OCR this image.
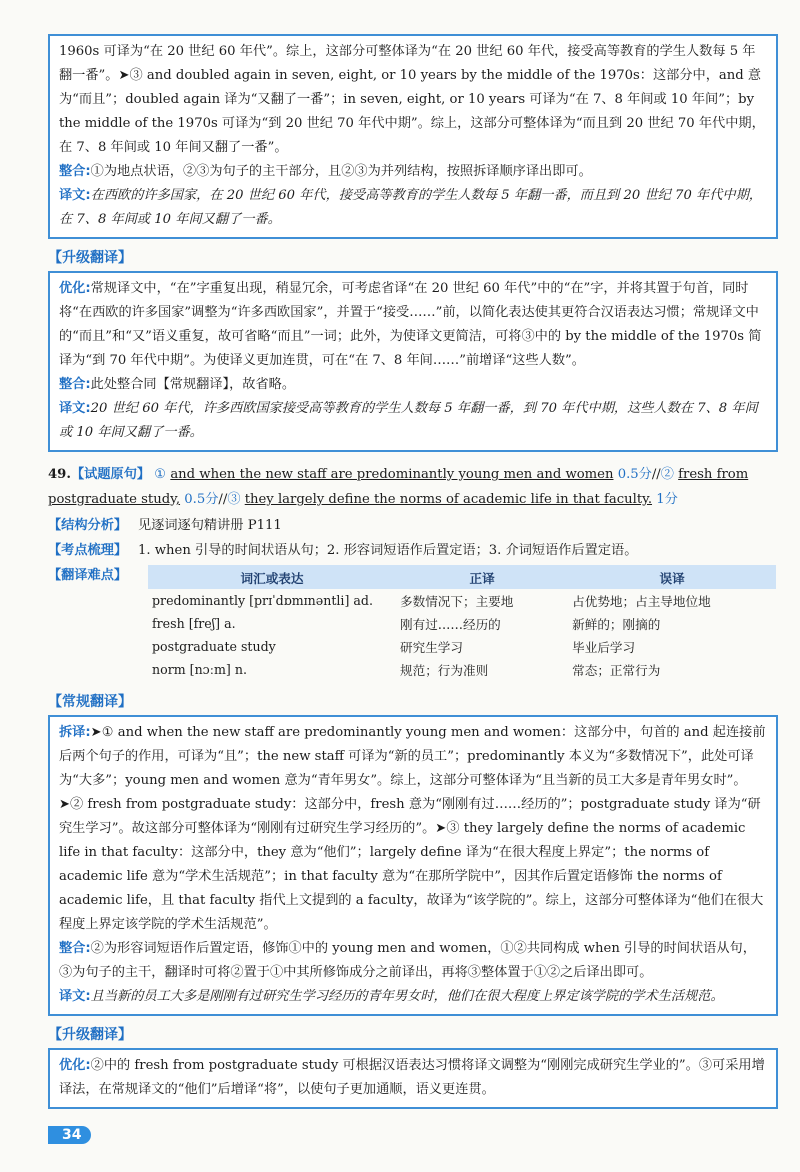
1960s 可译为“在 20 世纪 60 年代”。综上，这部分可整体译为“在 20 世纪 60 年代，接受高等教育的学生人数每 5 年翻一番”。➤③ and doubled again in seven, eight, or 10 years by the middle of the 1970s：这部分中，and 意为“而且”；doubled again 译为“又翻了一番”；in seven, eight, or 10 years 可译为“在 7、8 年间或 10 年间”；by the middle of the 1970s 可译为“到 20 世纪 70 年代中期”。综上，这部分可整体译为“而且到 20 世纪 70 年代中期，在 7、8 年间或 10 年间又翻了一番”。

整合:①为地点状语，②③为句子的主干部分，且②③为并列结构，按照拆译顺序译出即可。

译文:在西欧的许多国家，在 20 世纪 60 年代，接受高等教育的学生人数每 5 年翻一番，而且到 20 世纪 70 年代中期，在 7、8 年间或 10 年间又翻了一番。

【升级翻译】

优化:常规译文中，“在”字重复出现，稍显冗余，可考虑省译“在 20 世纪 60 年代”中的“在”字，并将其置于句首，同时将“在西欧的许多国家”调整为“许多西欧国家”，并置于“接受……”前，以简化表达使其更符合汉语表达习惯；常规译文中的“而且”和“又”语义重复，故可省略“而且”一词；此外，为使译文更简洁，可将③中的 by the middle of the 1970s 简译为“到 70 年代中期”。为使译义更加连贯，可在“在 7、8 年间……”前增译“这些人数”。

整合:此处整合同【常规翻译】，故省略。

译文:20 世纪 60 年代，许多西欧国家接受高等教育的学生人数每 5 年翻一番，到 70 年代中期，这些人数在 7、8 年间或 10 年间又翻了一番。

49.【试题原句】 ① and when the new staff are predominantly young men and women 0.5分//② fresh from postgraduate study, 0.5分//③ they largely define the norms of academic life in that faculty. 1分
【结构分析】 见逐词逐句精讲册 P111
【考点梳理】 1. when 引导的时间状语从句；2. 形容词短语作后置定语；3. 介词短语作后置定语。
【翻译难点】	词汇或表达	正译	误译
predominantly [prɪˈdɒmɪnəntli] ad.	多数情况下；主要地	占优势地；占主导地位地
fresh [freʃ] a.	刚有过……经历的	新鲜的；刚摘的
postgraduate study	研究生学习	毕业后学习
norm [nɔːm] n.	规范；行为准则	常态；正常行为
【常规翻译】

拆译:➤① and when the new staff are predominantly young men and women：这部分中，句首的 and 起连接前后两个句子的作用，可译为“且”；the new staff 可译为“新的员工”；predominantly 本义为“多数情况下”，此处可译为“大多”；young men and women 意为“青年男女”。综上，这部分可整体译为“且当新的员工大多是青年男女时”。➤② fresh from postgraduate study：这部分中，fresh 意为“刚刚有过……经历的”；postgraduate study 译为“研究生学习”。故这部分可整体译为“刚刚有过研究生学习经历的”。➤③ they largely define the norms of academic life in that faculty：这部分中，they 意为“他们”；largely define 译为“在很大程度上界定”；the norms of academic life 意为“学术生活规范”；in that faculty 意为“在那所学院中”，因其作后置定语修饰 the norms of academic life，且 that faculty 指代上文提到的 a faculty，故译为“该学院的”。综上，这部分可整体译为“他们在很大程度上界定该学院的学术生活规范”。

整合:②为形容词短语作后置定语，修饰①中的 young men and women，①②共同构成 when 引导的时间状语从句，③为句子的主干，翻译时可将②置于①中其所修饰成分之前译出，再将③整体置于①②之后译出即可。

译文:且当新的员工大多是刚刚有过研究生学习经历的青年男女时，他们在很大程度上界定该学院的学术生活规范。

【升级翻译】

优化:②中的 fresh from postgraduate study 可根据汉语表达习惯将译文调整为“刚刚完成研究生学业的”。③可采用增译法，在常规译文的“他们”后增译“将”，以使句子更加通顺，语义更连贯。

34
